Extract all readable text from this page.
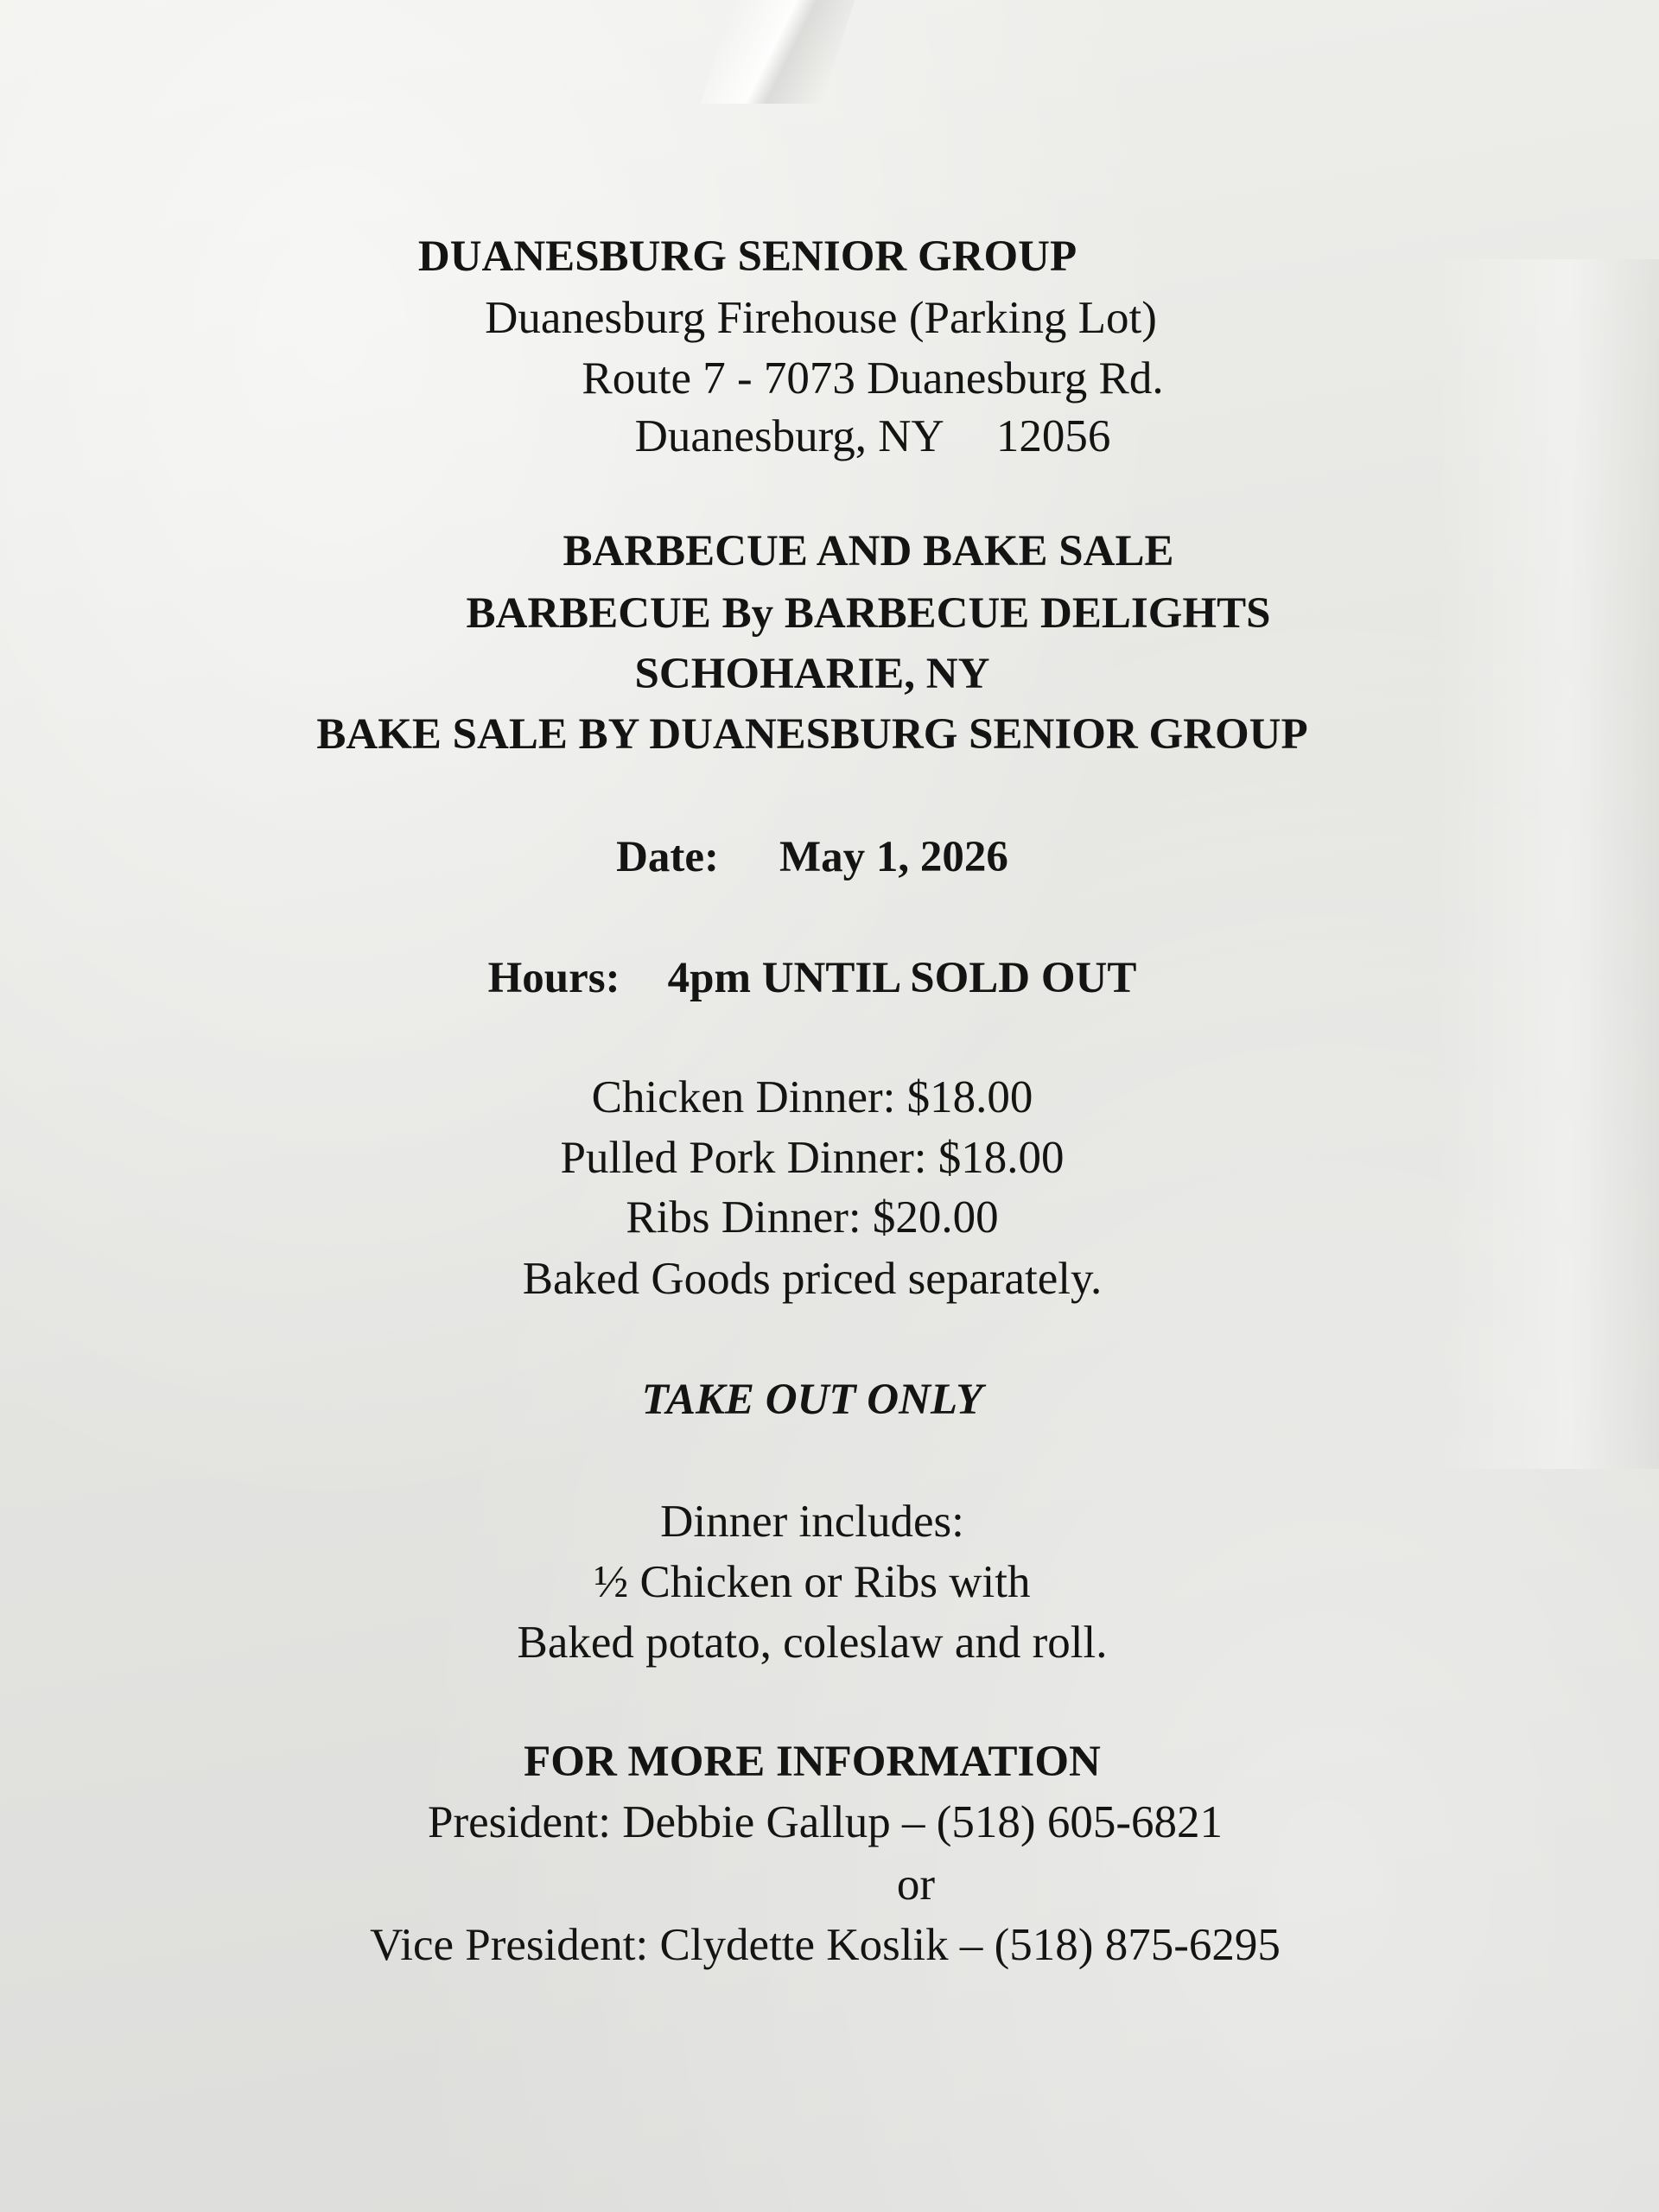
DUANESBURG SENIOR GROUP
Duanesburg Firehouse (Parking Lot)
Route 7 - 7073 Duanesburg Rd.
Duanesburg, NY 12056
BARBECUE AND BAKE SALE
BARBECUE By BARBECUE DELIGHTS
SCHOHARIE, NY
BAKE SALE BY DUANESBURG SENIOR GROUP
Date: May 1, 2026
Hours: 4pm UNTIL SOLD OUT
Chicken Dinner: $18.00
Pulled Pork Dinner: $18.00
Ribs Dinner: $20.00
Baked Goods priced separately.
TAKE OUT ONLY
Dinner includes:
½ Chicken or Ribs with
Baked potato, coleslaw and roll.
FOR MORE INFORMATION
President: Debbie Gallup – (518) 605-6821
or
Vice President: Clydette Koslik – (518) 875-6295
